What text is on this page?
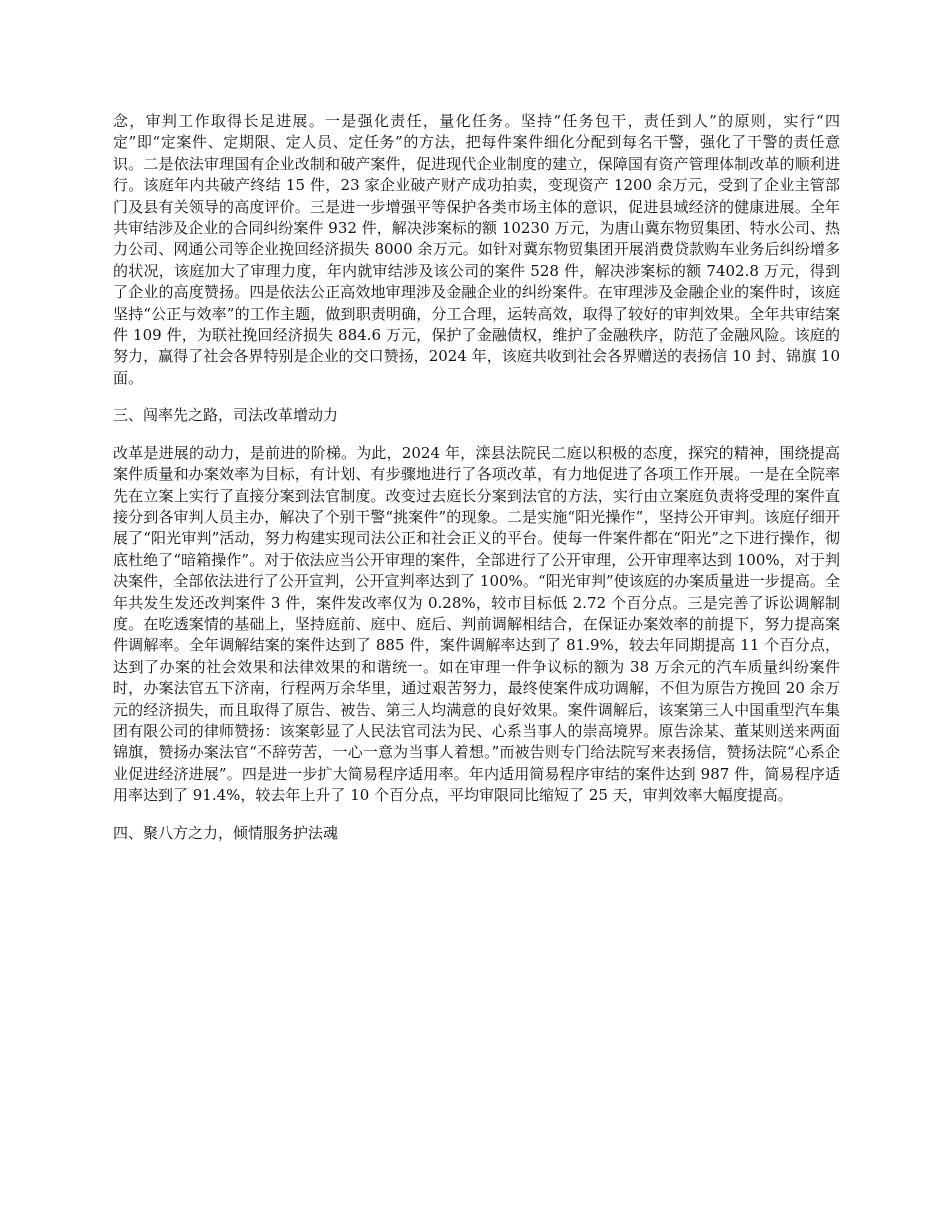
念，审判工作取得长足进展。一是强化责任，量化任务。坚持“任务包干，责任到人”的原则，实行“四定”即“定案件、定期限、定人员、定任务”的方法，把每件案件细化分配到每名干警，强化了干警的责任意识。二是依法审理国有企业改制和破产案件，促进现代企业制度的建立，保障国有资产管理体制改革的顺利进行。该庭年内共破产终结 15 件，23 家企业破产财产成功拍卖，变现资产 1200 余万元，受到了企业主管部门及县有关领导的高度评价。三是进一步增强平等保护各类市场主体的意识，促进县域经济的健康进展。全年共审结涉及企业的合同纠纷案件 932 件，解决涉案标的额 10230 万元，为唐山冀东物贸集团、特水公司、热力公司、网通公司等企业挽回经济损失 8000 余万元。如针对冀东物贸集团开展消费贷款购车业务后纠纷增多的状况，该庭加大了审理力度，年内就审结涉及该公司的案件 528 件，解决涉案标的额 7402.8 万元，得到了企业的高度赞扬。四是依法公正高效地审理涉及金融企业的纠纷案件。在审理涉及金融企业的案件时，该庭坚持“公正与效率”的工作主题，做到职责明确，分工合理，运转高效，取得了较好的审判效果。全年共审结案件 109 件，为联社挽回经济损失 884.6 万元，保护了金融债权，维护了金融秩序，防范了金融风险。该庭的努力，赢得了社会各界特别是企业的交口赞扬，2024 年，该庭共收到社会各界赠送的表扬信 10 封、锦旗 10 面。

三、闯率先之路，司法改革增动力

改革是进展的动力，是前进的阶梯。为此，2024 年，滦县法院民二庭以积极的态度，探究的精神，围绕提高案件质量和办案效率为目标，有计划、有步骤地进行了各项改革，有力地促进了各项工作开展。一是在全院率先在立案上实行了直接分案到法官制度。改变过去庭长分案到法官的方法，实行由立案庭负责将受理的案件直接分到各审判人员主办，解决了个别干警“挑案件”的现象。二是实施“阳光操作”，坚持公开审判。该庭仔细开展了“阳光审判”活动，努力构建实现司法公正和社会正义的平台。使每一件案件都在“阳光”之下进行操作，彻底杜绝了“暗箱操作”。对于依法应当公开审理的案件，全部进行了公开审理，公开审理率达到 100%，对于判决案件，全部依法进行了公开宣判，公开宣判率达到了 100%。“阳光审判”使该庭的办案质量进一步提高。全年共发生发还改判案件 3 件，案件发改率仅为 0.28%，较市目标低 2.72 个百分点。三是完善了诉讼调解制度。在吃透案情的基础上，坚持庭前、庭中、庭后、判前调解相结合，在保证办案效率的前提下，努力提高案件调解率。全年调解结案的案件达到了 885 件，案件调解率达到了 81.9%，较去年同期提高 11 个百分点，达到了办案的社会效果和法律效果的和谐统一。如在审理一件争议标的额为 38 万余元的汽车质量纠纷案件时，办案法官五下济南，行程两万余华里，通过艰苦努力，最终使案件成功调解，不但为原告方挽回 20 余万元的经济损失，而且取得了原告、被告、第三人均满意的良好效果。案件调解后，该案第三人中国重型汽车集团有限公司的律师赞扬：该案彰显了人民法官司法为民、心系当事人的崇高境界。原告涂某、董某则送来两面锦旗，赞扬办案法官“不辞劳苦，一心一意为当事人着想。”而被告则专门给法院写来表扬信，赞扬法院“心系企业促进经济进展”。四是进一步扩大简易程序适用率。年内适用简易程序审结的案件达到 987 件，简易程序适用率达到了 91.4%，较去年上升了 10 个百分点，平均审限同比缩短了 25 天，审判效率大幅度提高。

四、聚八方之力，倾情服务护法魂
